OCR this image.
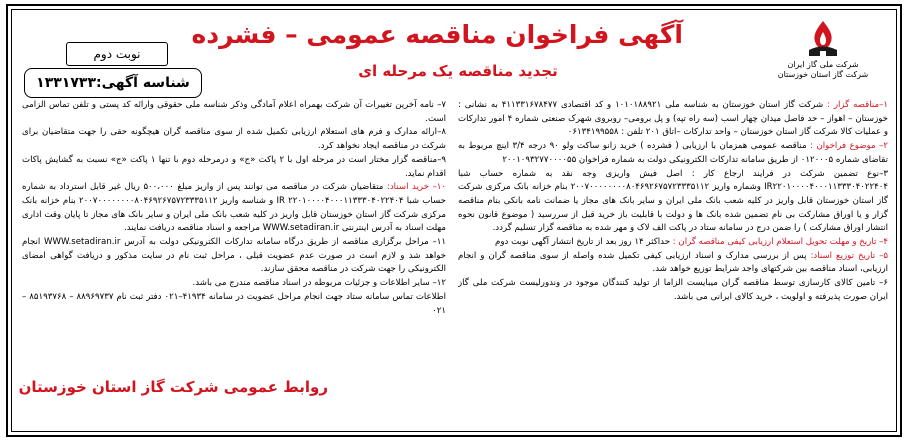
شرکت ملی گاز ایران
شرکت گاز استان خوزستان
آگهی فراخوان مناقصه عمومی – فشرده
تجدید مناقصه یک مرحله ای
نوبت دوم
شناسه آگهی:۱۳۳۱۷۳۳

۱–مناقصه گزار : شرکت گاز استان خوزستان به شناسه ملی ۱۰۱۰۱۸۸۹۲۱ و کد اقتصادی ۴۱۱۳۳۱۶۷۸۴۷۷ به نشانی : خوزستان – اهواز – حد فاصل میدان چهار اسب (سه راه تپه) و پل برومی– روبروی شهرک صنعتی شماره ۴ امور تدارکات و عملیات کالا شرکت گاز استان خوزستان – واحد تدارکات –اتاق ۲۰۱ تلفن : ۰۶۱۳۴۱۹۹۵۵۸

۲– موضوع فراخوان : مناقصه عمومی همزمان با ارزیابی ( فشرده ) خرید زانو ساکت ولو ۹۰ درجه ۳/۴ اینچ مربوط به تقاضای شماره ۰۱۲۰۰۰۵ از طریق سامانه تدارکات الکترونیکی دولت به شماره فراخوان ۲۰۰۱۰۹۳۲۷۷۰۰۰۰۵۵

۳–نوع تضمین شرکت در فرایند ارجاع کار : اصل فیش واریزی وجه نقد به شماره حساب شبا IR۲۲۰۱۰۰۰۰۴۰۰۰۱۱۳۳۳۰۴۰۲۲۴۰۴ وشماره واریز ۲۰۰۷۰۰۰۰۰۰۰۰۸۰۴۶۹۲۶۷۵۷۲۳۳۳۵۱۱۲ بنام خزانه بانک مرکزی شرکت گاز استان خوزستان قابل واریز در کلیه شعب بانک ملی ایران و سایر بانک های مجاز یا ضمانت نامه بانکی بنام مناقصه گزار و یا اوراق مشارکت بی نام تضمین شده بانک ها و دولت با قابلیت باز خرید قبل از سررسید ( موضوع قانون نحوه انتشار اوراق مشارکت ) را ضمن درج در سامانه ستاد در پاکت الف لاک و مهر شده به مناقصه گزار تسلیم گردد.

۴– تاریخ و مهلت تحویل استعلام ارزیابی کیفی مناقصه گران : حداکثر ۱۴ روز بعد از تاریخ انتشار آگهی نوبت دوم

۵– تاریخ توزیع اسناد: پس از بررسی مدارک و اسناد ارزیابی کیفی تکمیل شده واصله از سوی مناقصه گران و انجام ارزیابی، اسناد مناقصه بین شرکتهای واجد شرایط توزیع خواهد شد.

۶– تامین کالای کارسازی توسط مناقصه گران میبایست الزاما از تولید کنندگان موجود در وندورلیست شرکت ملی گاز ایران صورت پذیرفته و اولویت ، خرید کالای ایرانی می باشد.

۷– نامه آخرین تغییرات آن شرکت بهمراه اعلام آمادگی وذکر شناسه ملی حقوقی وارائه کد پستی و تلفن تماس الزامی است.

۸–ارائه مدارک و فرم های استعلام ارزیابی تکمیل شده از سوی مناقصه گران هیچگونه حقی را جهت متقاضیان برای شرکت در مناقصه ایجاد نخواهد کرد.

۹–مناقصه گزار مختار است در مرحله اول با ۲ پاکت «ج» و درمرحله دوم با تنها ۱ پاکت «ج» نسبت به گشایش پاکات اقدام نماید.

۱۰– خرید اسناد: متقاضیان شرکت در مناقصه می توانند پس از واریز مبلغ ۵۰۰،۰۰۰ ریال غیر قابل استرداد به شماره حساب شبا IR ۲۲۰۱۰۰۰۰۴۰۰۰۱۱۳۳۳۰۴۰۲۲۴۰۴ و شناسه واریز ۲۰۰۷۰۰۰۰۰۰۰۰۸۰۴۶۹۲۶۷۵۷۲۳۳۳۵۱۱۲ بنام خزانه بانک مرکزی شرکت گاز استان خوزستان قابل واریز در کلیه شعب بانک ملی ایران و سایر بانک های مجاز تا پایان وقت اداری مهلت اسناد به آدرس اینترنتی WWW.setadiran.ir مراجعه و اسناد مناقصه دریافت نمایند.

۱۱– مراحل برگزاری مناقصه از طریق درگاه سامانه تدارکات الکترونیکی دولت به آدرس WWW.setadiran.ir انجام خواهد شد و لازم است در صورت عدم عضویت قبلی ، مراحل ثبت نام در سایت مذکور و دریافت گواهی امضای الکترونیکی را جهت شرکت در مناقصه محقق سازند.

۱۲– سایر اطلاعات و جزئیات مربوطه در اسناد مناقصه مندرج می باشد.

اطلاعات تماس سامانه ستاد جهت انجام مراحل عضویت در سامانه ۴۱۹۳۴–۰۲۱ دفتر ثبت نام ۸۸۹۶۹۷۳۷ – ۸۵۱۹۳۷۶۸ –۰۲۱

روابط عمومی شرکت گاز استان خوزستان
